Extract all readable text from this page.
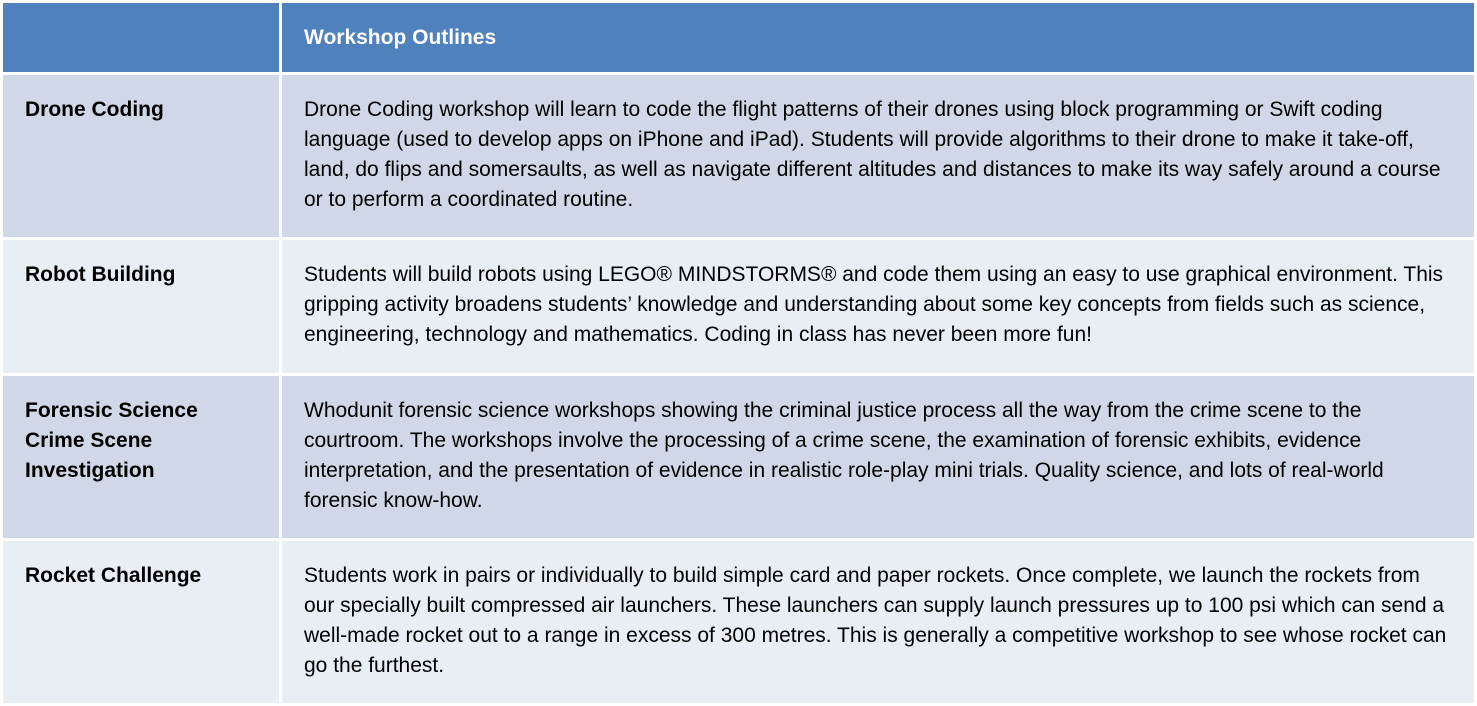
	Workshop Outlines

Drone Coding	Drone Coding workshop will learn to code the flight patterns of their drones using block programming or Swift coding language (used to develop apps on iPhone and iPad). Students will provide algorithms to their drone to make it take-off, land, do flips and somersaults, as well as navigate different altitudes and distances to make its way safely around a course or to perform a coordinated routine.

Robot Building	Students will build robots using LEGO® MINDSTORMS® and code them using an easy to use graphical environment. This gripping activity broadens students’ knowledge and understanding about some key concepts from fields such as science, engineering, technology and mathematics. Coding in class has never been more fun!

Forensic Science
Crime Scene Investigation	Whodunit forensic science workshops showing the criminal justice process all the way from the crime scene to the courtroom. The workshops involve the processing of a crime scene, the examination of forensic exhibits, evidence interpretation, and the presentation of evidence in realistic role-play mini trials. Quality science, and lots of real-world forensic know-how.

Rocket Challenge	Students work in pairs or individually to build simple card and paper rockets. Once complete, we launch the rockets from our specially built compressed air launchers. These launchers can supply launch pressures up to 100 psi which can send a well-made rocket out to a range in excess of 300 metres. This is generally a competitive workshop to see whose rocket can go the furthest.
